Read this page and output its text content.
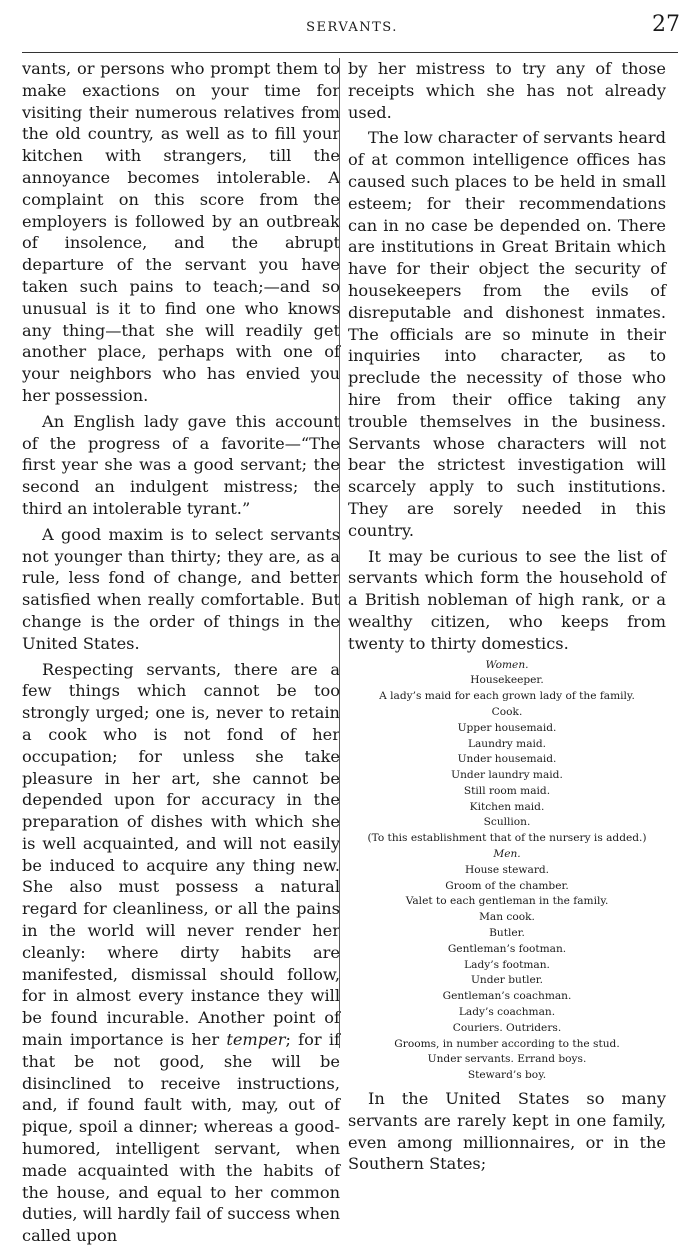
SERVANTS.	27

vants, or persons who prompt them to make exactions on your time for visiting their numerous relatives from the old country, as well as to fill your kitchen with strangers, till the annoyance becomes intolerable. A complaint on this score from the employers is followed by an outbreak of insolence, and the abrupt departure of the servant you have taken such pains to teach;—and so unusual is it to find one who knows any thing—that she will readily get another place, perhaps with one of your neighbors who has envied you her possession.

An English lady gave this account of the progress of a favorite—“The first year she was a good servant; the second an indulgent mistress; the third an intolerable tyrant.”

A good maxim is to select servants not younger than thirty; they are, as a rule, less fond of change, and better satisfied when really comfortable. But change is the order of things in the United States.

Respecting servants, there are a few things which cannot be too strongly urged; one is, never to retain a cook who is not fond of her occupation; for unless she take pleasure in her art, she cannot be depended upon for accuracy in the preparation of dishes with which she is well acquainted, and will not easily be induced to acquire any thing new. She also must possess a natural regard for cleanliness, or all the pains in the world will never render her cleanly: where dirty habits are manifested, dismissal should follow, for in almost every instance they will be found incurable. Another point of main importance is her temper; for if that be not good, she will be disinclined to receive instructions, and, if found fault with, may, out of pique, spoil a dinner; whereas a good-humored, intelligent servant, when made acquainted with the habits of the house, and equal to her common duties, will hardly fail of success when called upon

by her mistress to try any of those receipts which she has not already used.

The low character of servants heard of at common intelligence offices has caused such places to be held in small esteem; for their recommendations can in no case be depended on. There are institutions in Great Britain which have for their object the security of housekeepers from the evils of disreputable and dishonest inmates. The officials are so minute in their inquiries into character, as to preclude the necessity of those who hire from their office taking any trouble themselves in the business. Servants whose characters will not bear the strictest investigation will scarcely apply to such institutions. They are sorely needed in this country.

It may be curious to see the list of servants which form the household of a British nobleman of high rank, or a wealthy citizen, who keeps from twenty to thirty domestics.

Women.
Housekeeper.
A lady’s maid for each grown lady of the family.
Cook.
Upper housemaid.
Laundry maid.
Under housemaid.
Under laundry maid.
Still room maid.
Kitchen maid.
Scullion.
(To this establishment that of the nursery is added.)
Men.
House steward.
Groom of the chamber.
Valet to each gentleman in the family.
Man cook.
Butler.
Gentleman’s footman.
Lady’s footman.
Under butler.
Gentleman’s coachman.
Lady’s coachman.
Couriers. Outriders.
Grooms, in number according to the stud.
Under servants. Errand boys.
Steward’s boy.

In the United States so many servants are rarely kept in one family, even among millionnaires, or in the Southern States;
